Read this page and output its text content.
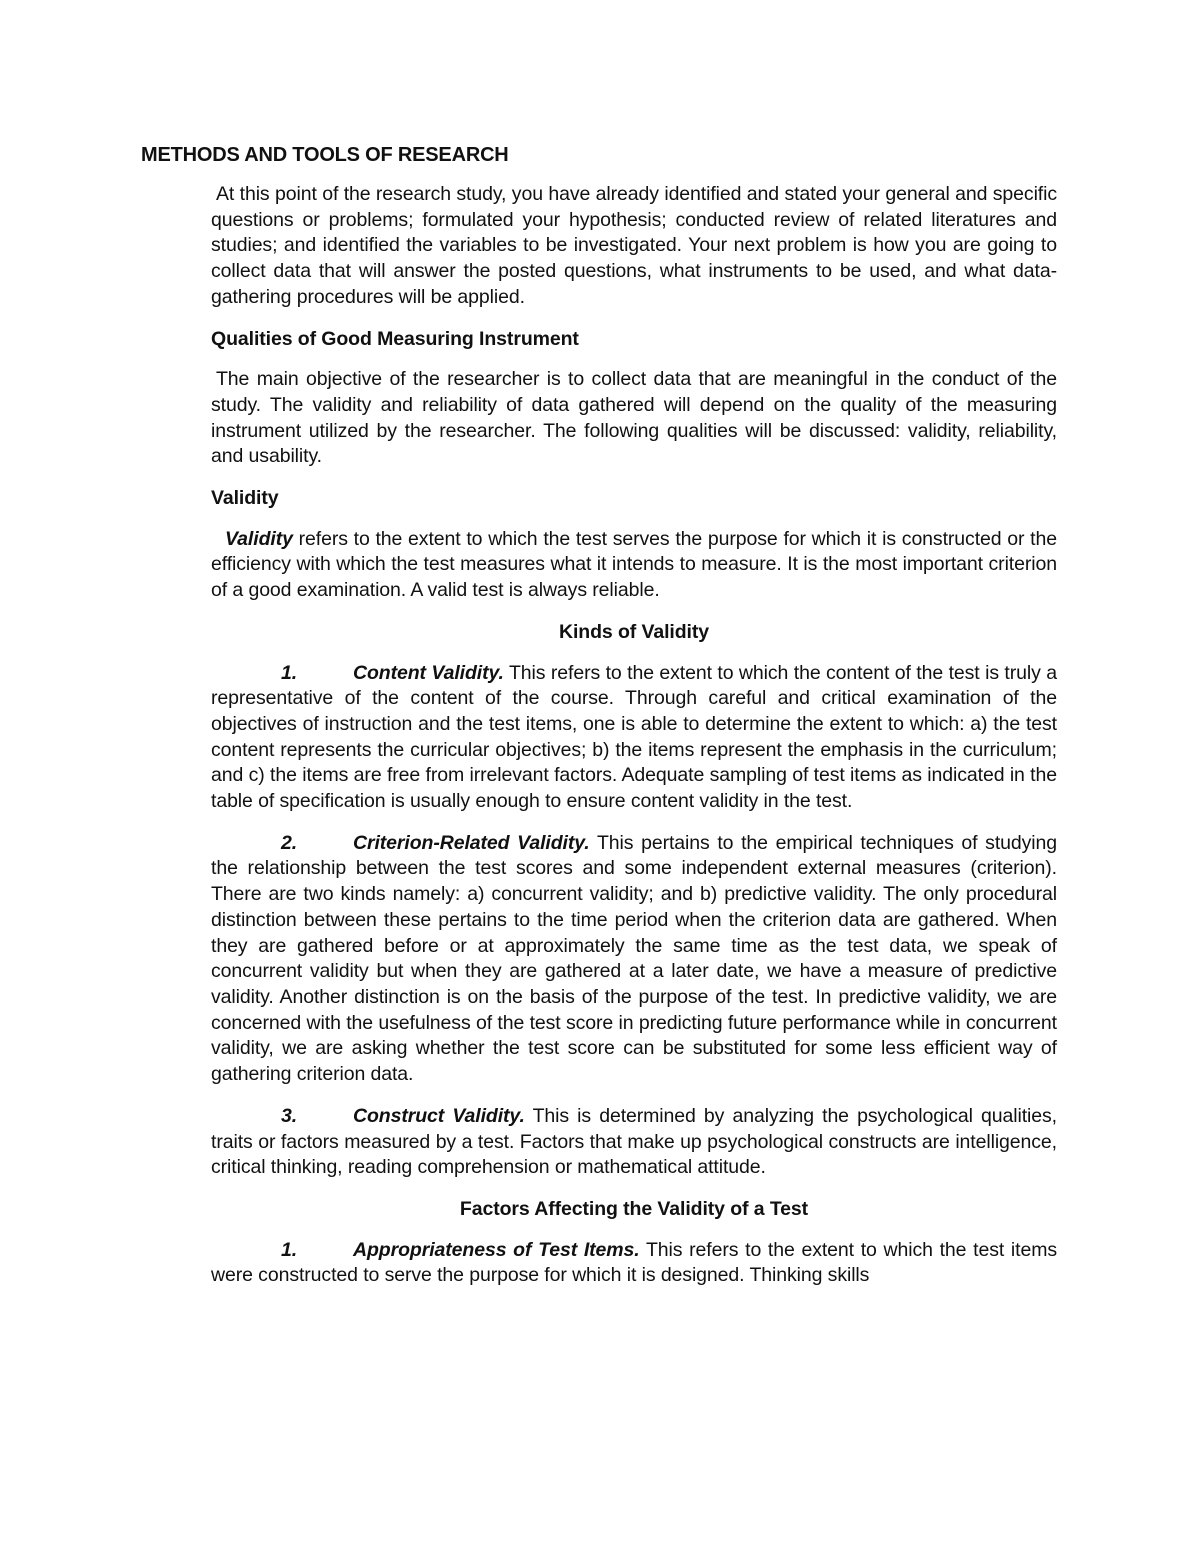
METHODS AND TOOLS OF RESEARCH

At this point of the research study, you have already identified and stated your general and specific questions or problems; formulated your hypothesis; conducted review of related literatures and studies; and identified the variables to be investigated. Your next problem is how you are going to collect data that will answer the posted questions, what instruments to be used, and what data-gathering procedures will be applied.

Qualities of Good Measuring Instrument

The main objective of the researcher is to collect data that are meaningful in the conduct of the study. The validity and reliability of data gathered will depend on the quality of the measuring instrument utilized by the researcher. The following qualities will be discussed: validity, reliability, and usability.

Validity

Validity refers to the extent to which the test serves the purpose for which it is constructed or the efficiency with which the test measures what it intends to measure. It is the most important criterion of a good examination. A valid test is always reliable.

Kinds of Validity

1.	Content Validity. This refers to the extent to which the content of the test is truly a representative of the content of the course. Through careful and critical examination of the objectives of instruction and the test items, one is able to determine the extent to which: a) the test content represents the curricular objectives; b) the items represent the emphasis in the curriculum; and c) the items are free from irrelevant factors. Adequate sampling of test items as indicated in the table of specification is usually enough to ensure content validity in the test.

2.	Criterion-Related Validity. This pertains to the empirical techniques of studying the relationship between the test scores and some independent external measures (criterion). There are two kinds namely: a) concurrent validity; and b) predictive validity. The only procedural distinction between these pertains to the time period when the criterion data are gathered. When they are gathered before or at approximately the same time as the test data, we speak of concurrent validity but when they are gathered at a later date, we have a measure of predictive validity. Another distinction is on the basis of the purpose of the test. In predictive validity, we are concerned with the usefulness of the test score in predicting future performance while in concurrent validity, we are asking whether the test score can be substituted for some less efficient way of gathering criterion data.

3.	Construct Validity. This is determined by analyzing the psychological qualities, traits or factors measured by a test. Factors that make up psychological constructs are intelligence, critical thinking, reading comprehension or mathematical attitude.

Factors Affecting the Validity of a Test

1.	Appropriateness of Test Items. This refers to the extent to which the test items were constructed to serve the purpose for which it is designed. Thinking skills
